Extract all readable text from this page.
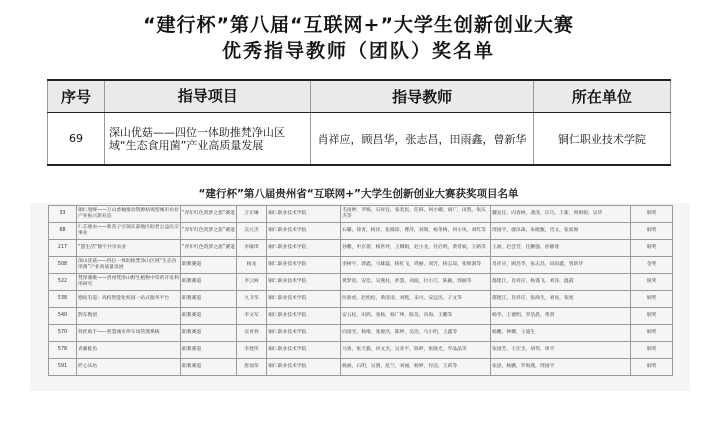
“建行杯”第八届“互联网+”大学生创新创业大赛
优秀指导教师（团队）奖名单
序号	指导项目	指导教师	所在单位
69	深山优菇——四位一体助推梵净山区域“生态食用菌”产业高质量发展	肖祥应，顾昌华，张志昌，田雨鑫，曾新华	铜仁职业技术学院
“建行杯”第八届贵州省“互联网+”大学生创新创业大赛获奖项目名单
33	铜仁旭峰——万山香柚推动资源枯竭型城市农业产业振兴新业态	“青年红色筑梦之旅”赛道	万宏琳	铜仁职业技术学院	毛雨婷，罗嫣，石祥宜，张奕民，任韩，何小娥，胡广，田凯，张庆杰等	魏安任，向春林，龚清，汪巧，王新，周娟娟，吴华	铜奖
68	仁芯惠农——新苗子引领东部地区助老公益民宗事业	“青年红色筑梦之旅”赛道	吴元杰	铜仁职业技术学院	石璐，徐青，杨洋，张晓琼，曹萍，刘瑞，杨冬梅，何小凤，刘红等	周国平，廖泽森，朱晓甄，肖文，张家俊	铜奖
217	“慧生活”数字共享农业	“青年红色筑梦之旅”赛道	李敏琪	铜仁职业技术学院	孙鹏，申京倩，杨世坪，王娜娟，赵小龙，付启明，黄常斌，王路等	王福，赵会芳，任鹏强，孙静睿	铜奖
508	深山优菇——四位一体助推梵净山区域“生态食用菌”产业高质量发展	职教赛道	杨龙	铜仁职业技术学院	李树宇，郭鑫，马雄磊，杨红飞，周丽，刘芳，杨志琼，张维润等	肖祥应，顾昌华，张志昌，田雨鑫，曾新华	金奖
522	梵净赛歌——贵州梵净山野生植物中草药开发利用研究	职教赛道	李云柯	铜仁职业技术学院	黄梦思，安佳，吴燕柱，彭慧，刘波，付小江，陈颖，郭丽等	都建江，肖祥应，杨谨飞，刘泽，温霞	银奖
538	德佑有道：高校智能化校园一站式服务平台	职教赛道	九卫华	铜仁职业技术学院	医新虎，赵旭松，黄清清，刘熙，宋兴，安远民，子文等	都建江，肖祥应，张海生，刘易，张旭	铜奖
540	黔东数创	职教赛道	李文军	铜仁职业技术学院	安五松，田鸿，张杨，杨广坤，陈昊，向海，王鹏等	杨华，王德明，罗浩晨，黄剑	铜奖
570	铁匠助手——智慧城市停车场管理系统	职教赛道	吴青春	铜仁职业技术学院	向国光，杨维，张俊浩，陈婷，吴浩，马小明，王鑫等	杨鹏，钟耀，王迪生	铜奖
578	青藤蛙鱼	职教赛道	李建伟	铜仁职业技术学院	马勇，张天毅，何文杰，吴亚平，陈婷，张晓光，罗晶晶等	张国芳，王宏杰，胡伟，周平	铜奖
591	匠心乐坊	职教赛道	唐加荣	铜仁职业技术学院	杨福，石明，吴燕，范兰，刘丽，杨婷，付洁，王莉等	张思，杨鹏，罗海燕，周国平	铜奖
